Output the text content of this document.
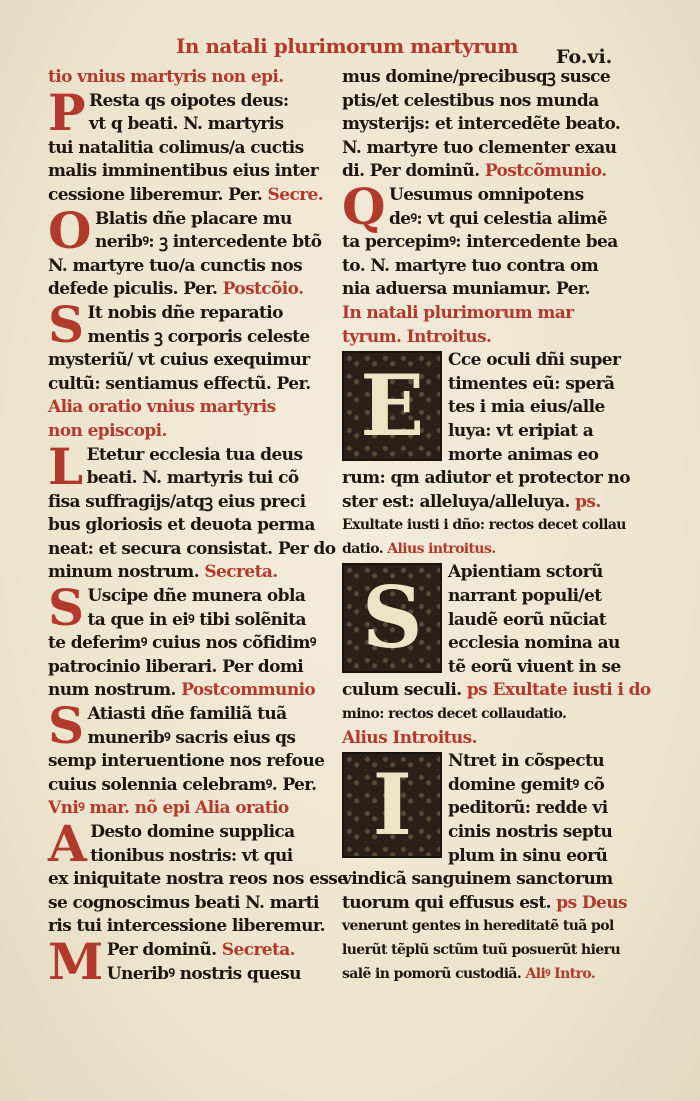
In natali plurimorum martyrum Fo.vi.
tio vnius martyris non epi.
P Resta qs oipotes deus:
vt q beati. N. martyris
tui natalitia colimus/a cuctis
malis imminentibus eius inter
cessione liberemur. Per. Secre.
O Blatis dñe placare mu
neribꝰ: ꝫ intercedente btõ
N. martyre tuo/a cunctis nos
defede piculis. Per. Postcõio.
S It nobis dñe reparatio
mentis ꝫ corporis celeste
mysteriũ/ vt cuius exequimur
cultũ: sentiamus effectũ. Per.
Alia oratio vnius martyris
non episcopi.
L Etetur ecclesia tua deus
beati. N. martyris tui cõ
fisa suffragijs/atqꝫ eius preci
bus gloriosis et deuota perma
neat: et secura consistat. Per do
minum nostrum. Secreta.
S Uscipe dñe munera obla
ta que in eiꝰ tibi solẽnita
te deferimꝰ cuius nos cõfidimꝰ
patrocinio liberari. Per domi
num nostrum. Postcommunio
S Atiasti dñe familiã tuã
muneribꝰ sacris eius qs
semp interuentione nos refoue
cuius solennia celebramꝰ. Per.
Vniꝰ mar. nõ epi Alia oratio
A Desto domine supplica
tionibus nostris: vt qui
ex iniquitate nostra reos nos esse
se cognoscimus beati N. marti
ris tui intercessione liberemur.
M Per dominũ. Secreta.
Uneribꝰ nostris quesu
mus domine/precibusqꝫ susce
ptis/et celestibus nos munda
mysterijs: et intercedẽte beato.
N. martyre tuo clementer exau
di. Per dominũ. Postcõmunio.
Q Uesumus omnipotens
deꝰ: vt qui celestia alimẽ
ta percepimꝰ: intercedente bea
to. N. martyre tuo contra om
nia aduersa muniamur. Per.
In natali plurimorum mar
tyrum. Introitus.
E	Cce oculi dñi super
timentes eũ: sperã
tes i mia eius/alle
luya: vt eripiat a
morte animas eo
rum: qm adiutor et protector no
ster est: alleluya/alleluya. ps.
Exultate iusti i dño: rectos decet collau
datio. Alius introitus.
S	Apientiam sctorũ
narrant populi/et
laudẽ eorũ nũciat
ecclesia nomina au
tẽ eorũ viuent in se
culum seculi. ps Exultate iusti i do
mino: rectos decet collaudatio.
Alius Introitus.
I	Ntret in cõspectu
domine gemitꝰ cõ
peditorũ: redde vi
cinis nostris septu
plum in sinu eorũ
vindicã sanguinem sanctorum
tuorum qui effusus est. ps Deus
venerunt gentes in hereditatẽ tuã pol
luerũt tẽplũ sctũm tuũ posuerũt hieru
salẽ in pomorũ custodiã. Aliꝰ Intro.
